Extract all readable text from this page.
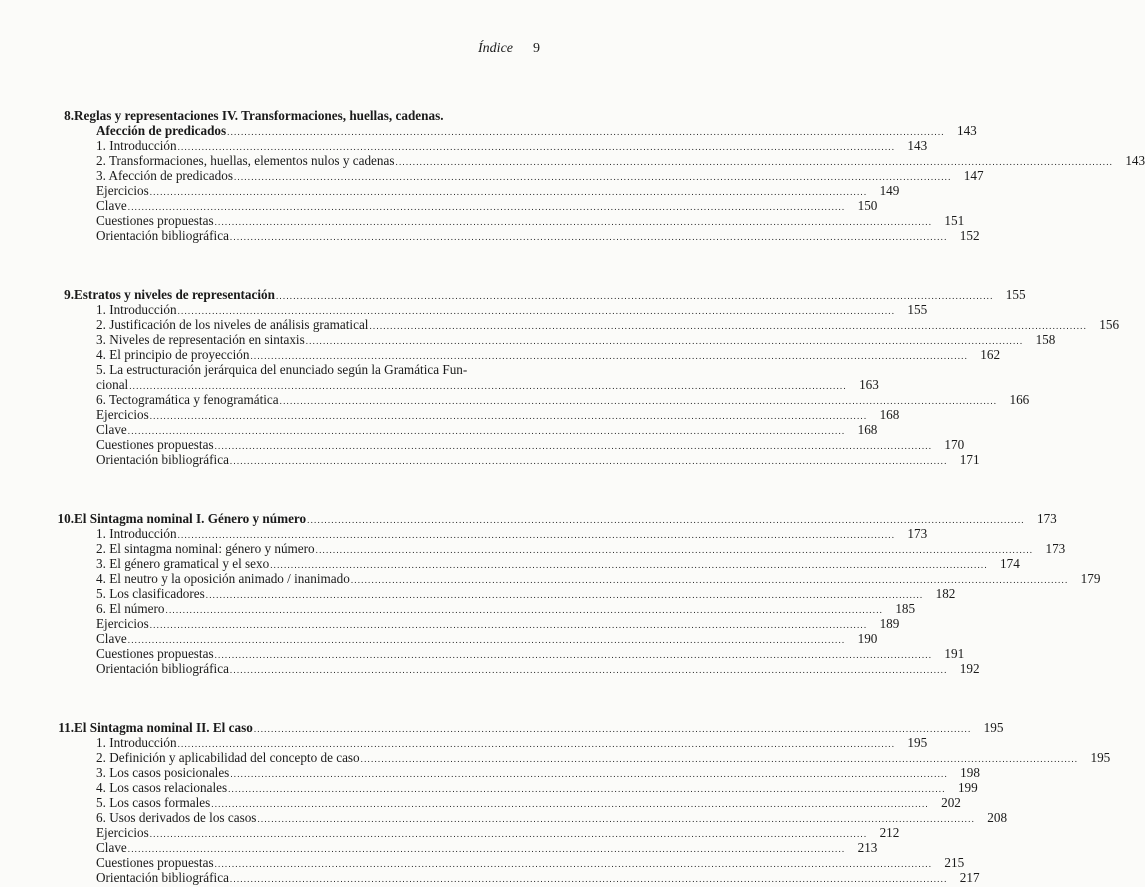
Índice 9
8. Reglas y representaciones IV. Transformaciones, huellas, cadenas.
Afección de predicados .....	143
1. Introducción .....	143
2. Transformaciones, huellas, elementos nulos y cadenas .....	143
3. Afección de predicados .....	147
Ejercicios .....	149
Clave .....	150
Cuestiones propuestas .....	151
Orientación bibliográfica .....	152
9. Estratos y niveles de representación .....	155
1. Introducción .....	155
2. Justificación de los niveles de análisis gramatical .....	156
3. Niveles de representación en sintaxis .....	158
4. El principio de proyección .....	162
5. La estructuración jerárquica del enunciado según la Gramática Fun-
cional .....	163
6. Tectogramática y fenogramática .....	166
Ejercicios .....	168
Clave .....	168
Cuestiones propuestas .....	170
Orientación bibliográfica .....	171
10. El Sintagma nominal I. Género y número .....	173
1. Introducción .....	173
2. El sintagma nominal: género y número .....	173
3. El género gramatical y el sexo .....	174
4. El neutro y la oposición animado / inanimado .....	179
5. Los clasificadores .....	182
6. El número .....	185
Ejercicios .....	189
Clave .....	190
Cuestiones propuestas .....	191
Orientación bibliográfica .....	192
11. El Sintagma nominal II. El caso .....	195
1. Introducción .....	195
2. Definición y aplicabilidad del concepto de caso .....	195
3. Los casos posicionales .....	198
4. Los casos relacionales .....	199
5. Los casos formales .....	202
6. Usos derivados de los casos .....	208
Ejercicios .....	212
Clave .....	213
Cuestiones propuestas .....	215
Orientación bibliográfica .....	217
